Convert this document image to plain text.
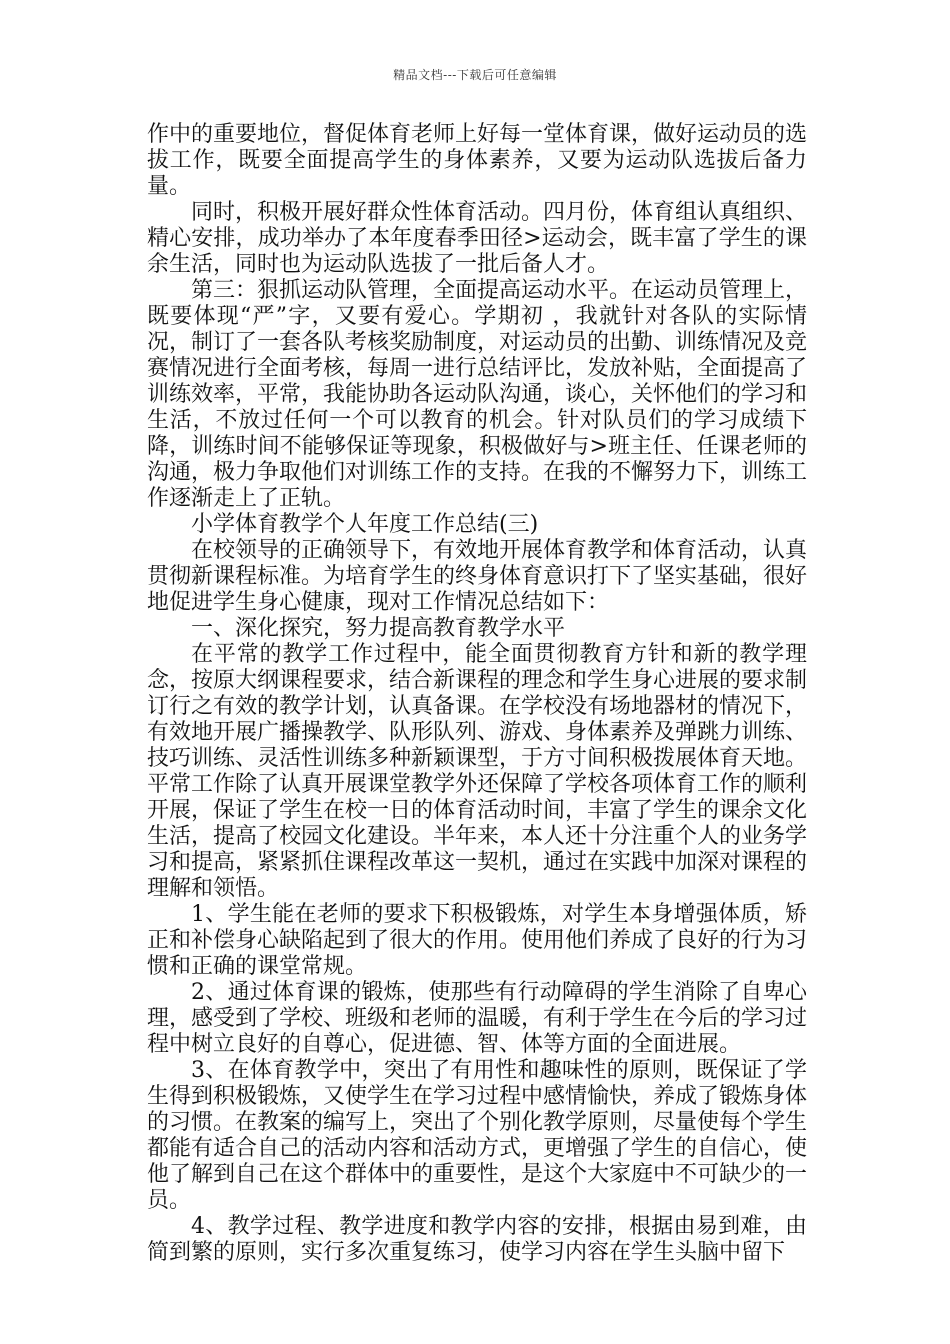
精品文档---下载后可任意编辑

作中的重要地位，督促体育老师上好每一堂体育课，做好运动员的选拔工作，既要全面提高学生的身体素养，又要为运动队选拔后备力量。

同时，积极开展好群众性体育活动。四月份，体育组认真组织、精心安排，成功举办了本年度春季田径>运动会，既丰富了学生的课余生活，同时也为运动队选拔了一批后备人才。

第三：狠抓运动队管理，全面提高运动水平。在运动员管理上，既要体现“严”字，又要有爱心。学期初 ，我就针对各队的实际情况，制订了一套各队考核奖励制度，对运动员的出勤、训练情况及竞赛情况进行全面考核，每周一进行总结评比，发放补贴，全面提高了训练效率，平常，我能协助各运动队沟通，谈心，关怀他们的学习和生活，不放过任何一个可以教育的机会。针对队员们的学习成绩下降，训练时间不能够保证等现象，积极做好与>班主任、任课老师的沟通，极力争取他们对训练工作的支持。在我的不懈努力下，训练工作逐渐走上了正轨。

小学体育教学个人年度工作总结(三)

在校领导的正确领导下，有效地开展体育教学和体育活动，认真贯彻新课程标准。为培育学生的终身体育意识打下了坚实基础，很好地促进学生身心健康，现对工作情况总结如下：

一、深化探究，努力提高教育教学水平

在平常的教学工作过程中，能全面贯彻教育方针和新的教学理念，按原大纲课程要求，结合新课程的理念和学生身心进展的要求制订行之有效的教学计划，认真备课。在学校没有场地器材的情况下，有效地开展广播操教学、队形队列、游戏、身体素养及弹跳力训练、技巧训练、灵活性训练多种新颖课型，于方寸间积极拨展体育天地。平常工作除了认真开展课堂教学外还保障了学校各项体育工作的顺利开展，保证了学生在校一日的体育活动时间，丰富了学生的课余文化生活，提高了校园文化建设。半年来，本人还十分注重个人的业务学习和提高，紧紧抓住课程改革这一契机，通过在实践中加深对课程的理解和领悟。

1、学生能在老师的要求下积极锻炼，对学生本身增强体质，矫正和补偿身心缺陷起到了很大的作用。使用他们养成了良好的行为习惯和正确的课堂常规。

2、通过体育课的锻炼，使那些有行动障碍的学生消除了自卑心理，感受到了学校、班级和老师的温暖，有利于学生在今后的学习过程中树立良好的自尊心，促进德、智、体等方面的全面进展。

3、在体育教学中，突出了有用性和趣味性的原则，既保证了学生得到积极锻炼，又使学生在学习过程中感情愉快，养成了锻炼身体的习惯。在教案的编写上，突出了个别化教学原则，尽量使每个学生都能有适合自己的活动内容和活动方式，更增强了学生的自信心，使他了解到自己在这个群体中的重要性，是这个大家庭中不可缺少的一员。

4、教学过程、教学进度和教学内容的安排，根据由易到难，由简到繁的原则，实行多次重复练习，使学习内容在学生头脑中留下
